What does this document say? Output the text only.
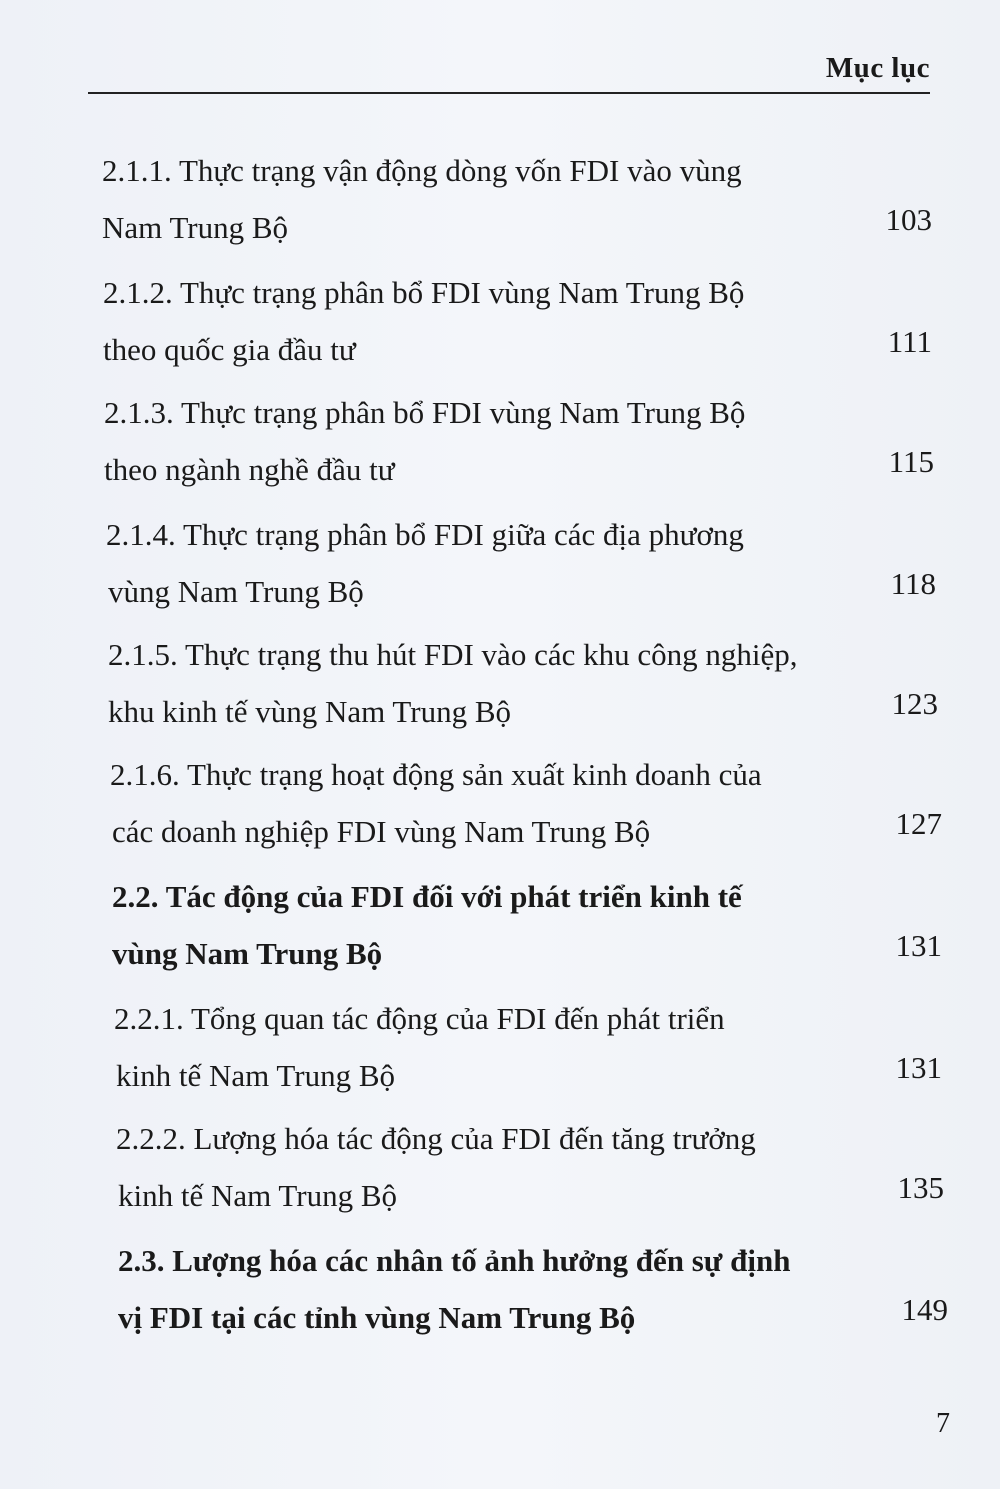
Mục lục
2.1.1. Thực trạng vận động dòng vốn FDI vào vùng
Nam Trung Bộ	103
2.1.2. Thực trạng phân bổ FDI vùng Nam Trung Bộ
theo quốc gia đầu tư	111
2.1.3. Thực trạng phân bổ FDI vùng Nam Trung Bộ
theo ngành nghề đầu tư	115
2.1.4. Thực trạng phân bổ FDI giữa các địa phương
vùng Nam Trung Bộ	118
2.1.5. Thực trạng thu hút FDI vào các khu công nghiệp,
khu kinh tế vùng Nam Trung Bộ	123
2.1.6. Thực trạng hoạt động sản xuất kinh doanh của
các doanh nghiệp FDI vùng Nam Trung Bộ	127
2.2. Tác động của FDI đối với phát triển kinh tế
vùng Nam Trung Bộ	131
2.2.1. Tổng quan tác động của FDI đến phát triển
kinh tế Nam Trung Bộ	131
2.2.2. Lượng hóa tác động của FDI đến tăng trưởng
kinh tế Nam Trung Bộ	135
2.3. Lượng hóa các nhân tố ảnh hưởng đến sự định
vị FDI tại các tỉnh vùng Nam Trung Bộ	149
7
